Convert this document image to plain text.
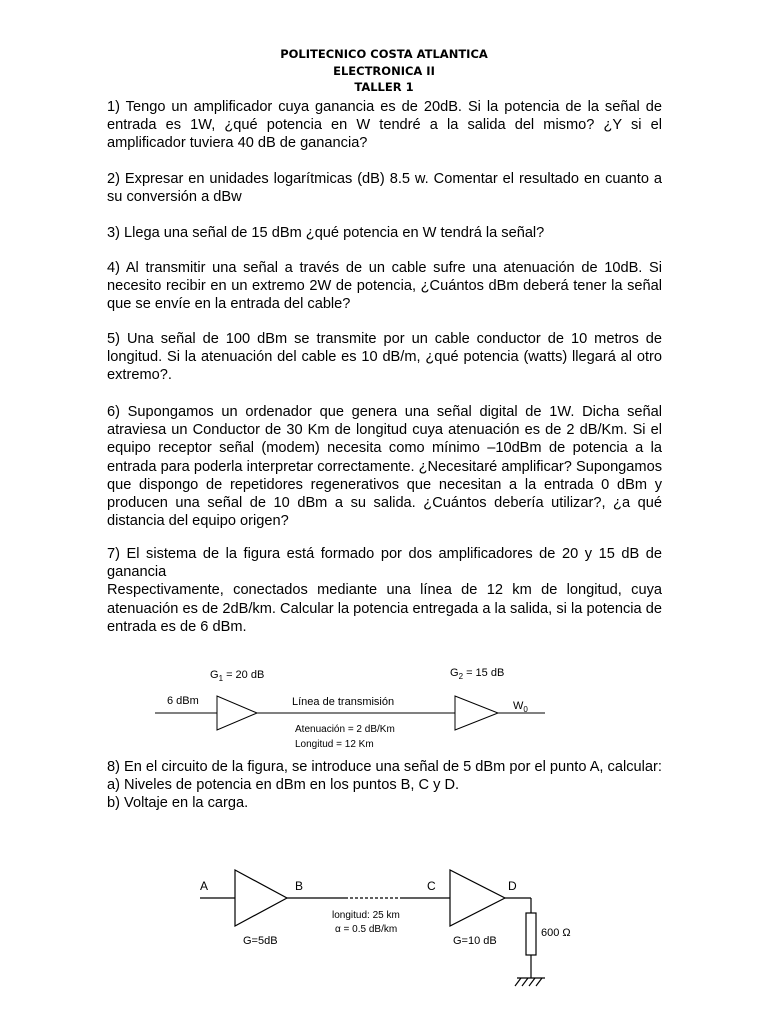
POLITECNICO COSTA ATLANTICA
ELECTRONICA II
TALLER 1

1) Tengo un amplificador cuya ganancia es de 20dB. Si la potencia de la señal de entrada es 1W, ¿qué potencia en W tendré a la salida del mismo? ¿Y si el amplificador tuviera 40 dB de ganancia?

2) Expresar en unidades logarítmicas (dB) 8.5 w. Comentar el resultado en cuanto a su conversión a dBw

3) Llega una señal de 15 dBm ¿qué potencia en W tendrá la señal?

4) Al transmitir una señal a través de un cable sufre una atenuación de 10dB. Si necesito recibir en un extremo 2W de potencia, ¿Cuántos dBm deberá tener la señal que se envíe en la entrada del cable?

5) Una señal de 100 dBm se transmite por un cable conductor de 10 metros de longitud. Si la atenuación del cable es 10 dB/m, ¿qué potencia (watts) llegará al otro extremo?.

6) Supongamos un ordenador que genera una señal digital de 1W. Dicha señal atraviesa un Conductor de 30 Km de longitud cuya atenuación es de 2 dB/Km. Si el equipo receptor señal (modem) necesita como mínimo –10dBm de potencia a la entrada para poderla interpretar correctamente. ¿Necesitaré amplificar? Supongamos que dispongo de repetidores regenerativos que necesitan a la entrada 0 dBm y producen una señal de 10 dBm a su salida. ¿Cuántos debería utilizar?, ¿a qué distancia del equipo origen?

7) El sistema de la figura está formado por dos amplificadores de 20 y 15 dB de ganancia

Respectivamente, conectados mediante una línea de 12 km de longitud, cuya atenuación es de 2dB/km. Calcular la potencia entregada a la salida, si la potencia de entrada es de 6 dBm.

$G_1 = 20$ dB	$G_2 = 15$ dB
6 dBm	Línea de transmisión
Atenuación = 2 dB/Km
Longitud = 12 Km
$W_0$

8) En el circuito de la figura, se introduce una señal de 5 dBm por el punto A, calcular:

a) Niveles de potencia en dBm en los puntos B, C y D.

b) Voltaje en la carga.

A	B	C	D
longitud: 25 km
α = 0.5 dB/km
G=5dB	G=10 dB
600 Ω
